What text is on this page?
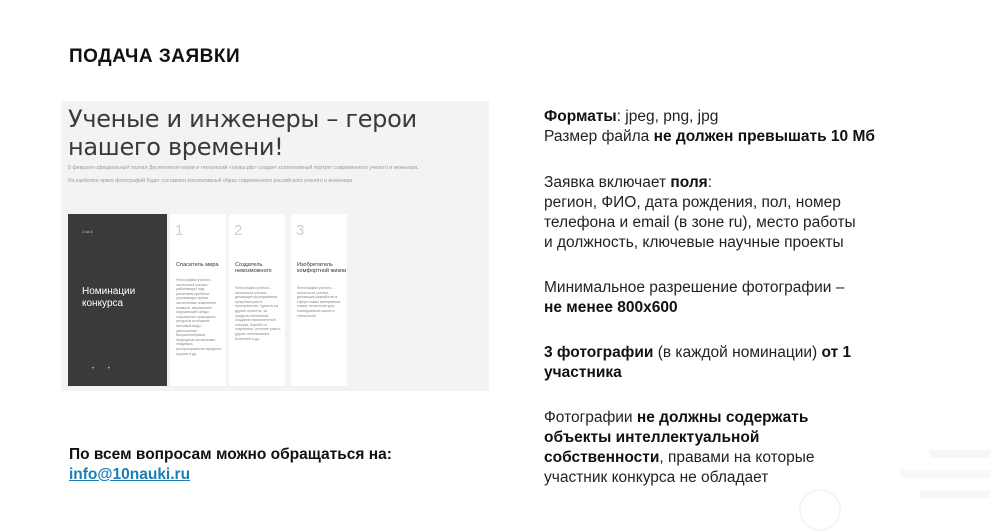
ПОДАЧА ЗАЯВКИ
Ученые и инженеры – герои
нашего времени!
8 февраля официальный портал Десятилетия науки и технологий «наука.рф» создает коллективный портрет современного ученого и инженера.
Из наиболее ярких фотографий будет составлен коллективный образ современного российского ученого и инженера
1 из 3
Номинации конкурса
• •
1
Спаситель мира
Фотографии ученого-экологиста ученых-работающих над решением проблем, угрожающих жизни экологиства: изменение климата, загрязнение окружающей среды, сокращение природных ресурсов исчезание питьевой воды, уменьшение биоразнообразия, природные катаклизмы, эпидемии, распространение вредного оружия и др.
2
Создатель невозможного
Фотографии ученого-экологиста ученых, делающих исследования супербыстрые в пространстве, туристы на другие планеты, за пределы вселенной, создание перманентной энергии, борьба со старением, лечение рака и других неизлечимых болезней и др.
3
Изобретатель комфортной жизни
Фотографии ученого-экологиста ученых, делающих разработки в сфере новых материалов, новые технологии для повседневной жизни и технологий
Форматы: jpeg, png, jpg
Размер файла не должен превышать 10 Мб
Заявка включает поля:
регион, ФИО, дата рождения, пол, номер
телефона и email (в зоне ru), место работы
и должность, ключевые научные проекты
Минимальное разрешение фотографии –
не менее 800x600
3 фотографии (в каждой номинации) от 1
участника
Фотографии не должны содержать
объекты интеллектуальной
собственности, правами на которые
участник конкурса не обладает
По всем вопросам можно обращаться на:
info@10nauki.ru
